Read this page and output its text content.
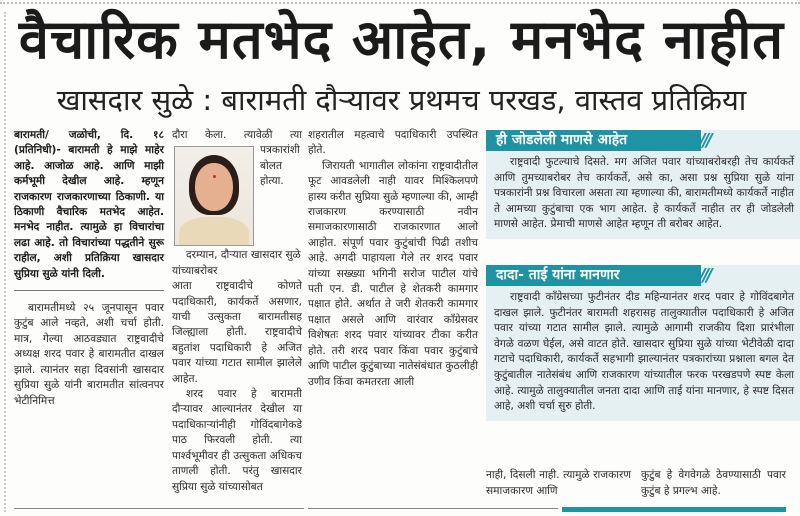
वैचारिक मतभेद आहेत, मनभेद नाहीत
खासदार सुळे : बारामती दौऱ्यावर प्रथमच परखड, वास्तव प्रतिक्रिया

बारामती/ जळोची, दि. १८ (प्रतिनिधी)- बारामती हे माझे माहेर आहे. आजोळ आहे. आणि माझी कर्मभूमी देखील आहे. म्हणून राजकारण राजकारणाच्या ठिकाणी. या ठिकाणी वैचारिक मतभेद आहेत. मनभेद नाहीत. त्यामुळे हा विचारांचा लढा आहे. तो विचारांच्या पद्धतीने सुरू राहील, अशी प्रतिक्रिया खासदार सुप्रिया सुळे यांनी दिली.

बारामतीमध्ये २५ जूनपासून पवार कुटुंब आले नव्हते, अशी चर्चा होती. मात्र, गेल्या आठवड्यात राष्ट्रवादीचे अध्यक्ष शरद पवार हे बारामतीत दाखल झाले. त्यानंतर सहा दिवसांनी खासदार सुप्रिया सुळे यांनी बारामतीत सांत्वनपर भेटीनिमित्त

दौरा केला. त्यावेळी त्या

पत्रकारांशी बोलत होत्या.

दरम्यान, दौऱ्यात खासदार सुळे यांच्याबरोबर

आता राष्ट्रवादीचे कोणते पदाधिकारी, कार्यकर्ते असणार, याची उत्सुकता बारामतीसह जिल्ह्याला होती. राष्ट्रवादीचे बहुतांश पदाधिकारी हे अजित पवार यांच्या गटात सामील झालेले आहेत.

शरद पवार हे बारामती दौऱ्यावर आल्यानंतर देखील या पदाधिकाऱ्यांनीही गोविंदबागेकडे पाठ फिरवली होती. त्या पार्श्वभूमीवर ही उत्सुकता अधिकच ताणली होती. परंतु खासदार सुप्रिया सुळे यांच्यासोबत

शहरातील महत्वाचे पदाधिकारी उपस्थित होते.

जिरायती भागातील लोकांना राष्ट्रवादीतील फूट आवडलेली नाही यावर मिश्किलपणे हास्य करीत सुप्रिया सुळे म्हणाल्या की, आम्ही राजकारण करण्यासाठी नवीन समाजकारणासाठी राजकारणात आलो आहोत. संपूर्ण पवार कुटुंबांची पिढी तशीच आहे. अगदी पाहायला गेले तर शरद पवार यांच्या सख्ख्या भगिनी सरोज पाटील यांचे पती एन. डी. पाटील हे शेतकरी कामगार पक्षात होते. अर्थात ते जरी शेतकरी कामगार पक्षात असले आणि वारंवार काँग्रेसवर विशेषतः शरद पवार यांच्यावर टीका करीत होते. तरी शरद पवार किंवा पवार कुटुंबाचे आणि पाटील कुटुंबाच्या नातेसंबंधात कुठलीही उणीव किंवा कमतरता आली

ही जोडलेली माणसे आहेत	///

राष्ट्रवादी फुटल्याचे दिसते. मग अजित पवार यांच्याबरोबरही तेच कार्यकर्ते आणि तुमच्याबरोबर तेच कार्यकर्ते, असे का, असा प्रश्न सुप्रिया सुळे यांना पत्रकारांनी प्रश्न विचारला असता त्या म्हणाल्या की, बारामतीमध्ये कार्यकर्ते नाहीत ते आमच्या कुटुंबाचा एक भाग आहेत. हे कार्यकर्ते नाहीत तर ही जोडलेली माणसे आहेत. प्रेमाची माणसे आहेत म्हणून ती बरोबर आहेत.

दादा- ताई यांना मानणार	///

राष्ट्रवादी काँग्रेसच्या फुटीनंतर दीड महिन्यानंतर शरद पवार हे गोविंदबागेत दाखल झाले. फुटीनंतर बारामती शहरासह तालुक्यातील पदाधिकारी हे अजित पवार यांच्या गटात सामील झाले. त्यामुळे आगामी राजकीय दिशा प्रारंभीला वेगळे वळण घेईल, असे वाटत होते. खासदार सुप्रिया सुळे यांच्या भेटीवेळी दादा गटाचे पदाधिकारी, कार्यकर्ते सहभागी झाल्यानंतर पत्रकारांच्या प्रश्नाला बगल देत कुटुंबातील नातेसंबंध आणि राजकारण यांच्यातील फरक परखडपणे स्पष्ट केला आहे. त्यामुळे तालुक्यातील जनता दादा आणि ताई यांना मानणार, हे स्पष्ट दिसत आहे, अशी चर्चा सुरु होती.

नाही, दिसली नाही. त्यामुळे राजकारण समाजकारण आणि
कुटुंब हे वेगवेगळे ठेवण्यासाठी पवार कुटुंब हे प्रगल्भ आहे.
